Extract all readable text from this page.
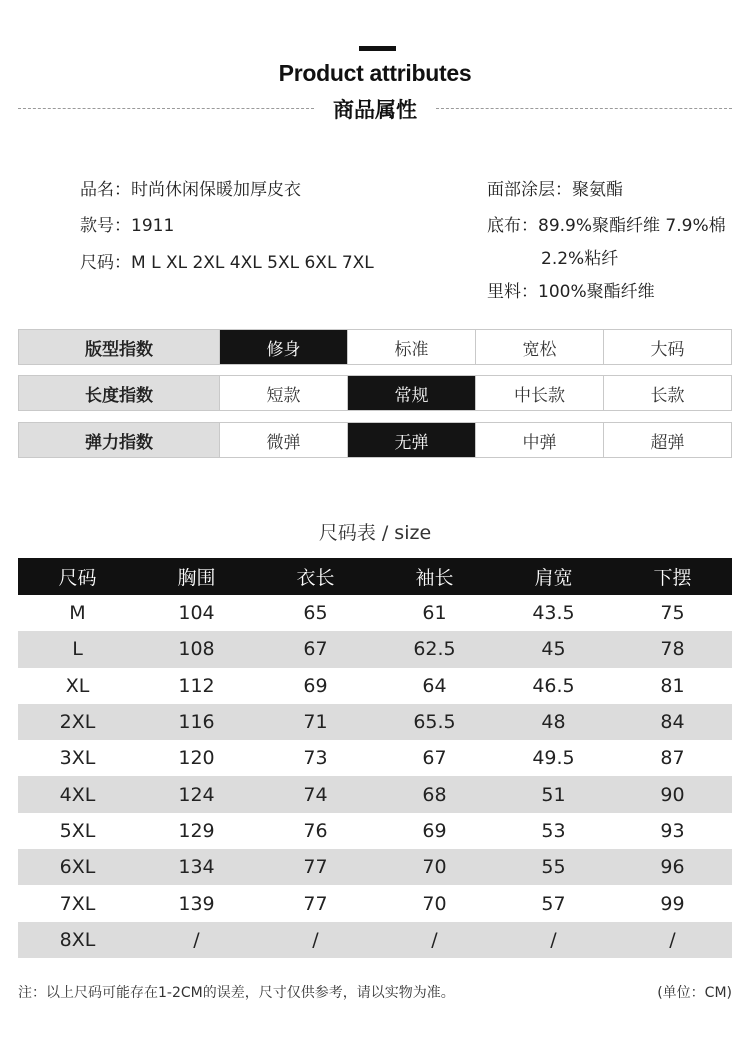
Product attributes
商品属性
品名：时尚休闲保暖加厚皮衣
款号：1911
尺码：M L XL 2XL 4XL 5XL 6XL 7XL
面部涂层：聚氨酯
底布：89.9%聚酯纤维 7.9%棉
2.2%粘纤
里料：100%聚酯纤维
版型指数	修身	标准	宽松	大码
长度指数	短款	常规	中长款	长款
弹力指数	微弹	无弹	中弹	超弹
尺码表 / size
尺码	胸围	衣长	袖长	肩宽	下摆
M	104	65	61	43.5	75
L	108	67	62.5	45	78
XL	112	69	64	46.5	81
2XL	116	71	65.5	48	84
3XL	120	73	67	49.5	87
4XL	124	74	68	51	90
5XL	129	76	69	53	93
6XL	134	77	70	55	96
7XL	139	77	70	57	99
8XL	/	/	/	/	/
注：以上尺码可能存在1-2CM的误差，尺寸仅供参考，请以实物为准。	(单位：CM)
